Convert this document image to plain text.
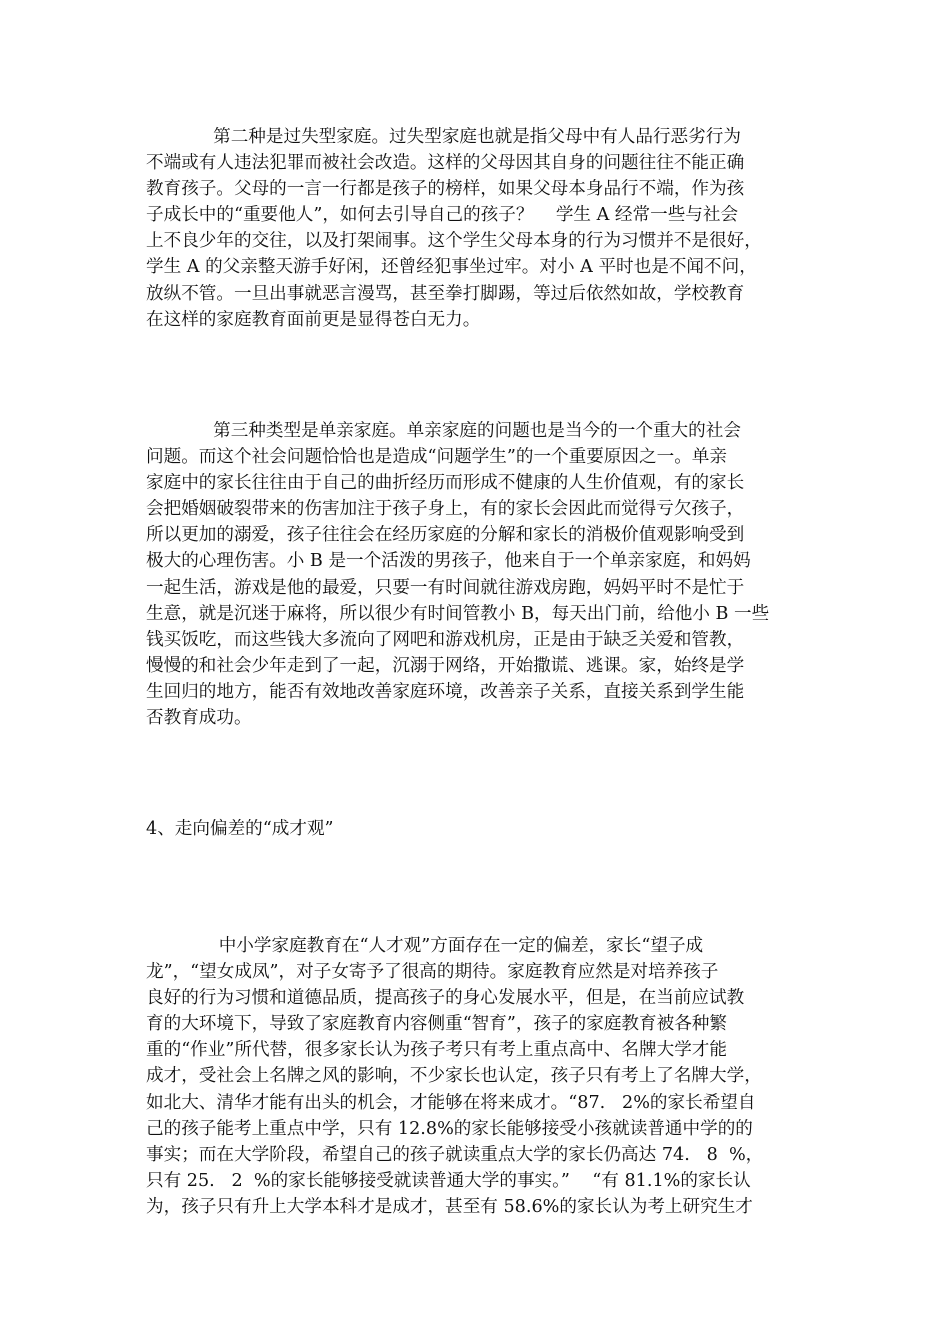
第二种是过失型家庭。过失型家庭也就是指父母中有人品行恶劣行为
不端或有人违法犯罪而被社会改造。这样的父母因其自身的问题往往不能正确
教育孩子。父母的一言一行都是孩子的榜样，如果父母本身品行不端，作为孩
子成长中的“重要他人”，如何去引导自己的孩子？    学生 A 经常一些与社会
上不良少年的交往，以及打架闹事。这个学生父母本身的行为习惯并不是很好，
学生 A 的父亲整天游手好闲，还曾经犯事坐过牢。对小 A 平时也是不闻不问，
放纵不管。一旦出事就恶言漫骂，甚至拳打脚踢，等过后依然如故，学校教育
在这样的家庭教育面前更是显得苍白无力。
第三种类型是单亲家庭。单亲家庭的问题也是当今的一个重大的社会
问题。而这个社会问题恰恰也是造成“问题学生”的一个重要原因之一。单亲
家庭中的家长往往由于自己的曲折经历而形成不健康的人生价值观，有的家长
会把婚姻破裂带来的伤害加注于孩子身上，有的家长会因此而觉得亏欠孩子，
所以更加的溺爱，孩子往往会在经历家庭的分解和家长的消极价值观影响受到
极大的心理伤害。小 B 是一个活泼的男孩子，他来自于一个单亲家庭，和妈妈
一起生活，游戏是他的最爱，只要一有时间就往游戏房跑，妈妈平时不是忙于
生意，就是沉迷于麻将，所以很少有时间管教小 B，每天出门前，给他小 B 一些
钱买饭吃，而这些钱大多流向了网吧和游戏机房，正是由于缺乏关爱和管教，
慢慢的和社会少年走到了一起，沉溺于网络，开始撒谎、逃课。家，始终是学
生回归的地方，能否有效地改善家庭环境，改善亲子关系，直接关系到学生能
否教育成功。
4、走向偏差的“成才观”
中小学家庭教育在“人才观”方面存在一定的偏差，家长“望子成
龙”，“望女成凤”，对子女寄予了很高的期待。家庭教育应然是对培养孩子
良好的行为习惯和道德品质，提高孩子的身心发展水平，但是，在当前应试教
育的大环境下，导致了家庭教育内容侧重“智育”，孩子的家庭教育被各种繁
重的“作业”所代替，很多家长认为孩子考只有考上重点高中、名牌大学才能
成才，受社会上名牌之风的影响，不少家长也认定，孩子只有考上了名牌大学，
如北大、清华才能有出头的机会，才能够在将来成才。“87.   2%的家长希望自
己的孩子能考上重点中学，只有 12.8%的家长能够接受小孩就读普通中学的的
事实；而在大学阶段，希望自己的孩子就读重点大学的家长仍高达 74.   8  %，
只有 25.   2  %的家长能够接受就读普通大学的事实。”    “有 81.1%的家长认
为，孩子只有升上大学本科才是成才，甚至有 58.6%的家长认为考上研究生才
